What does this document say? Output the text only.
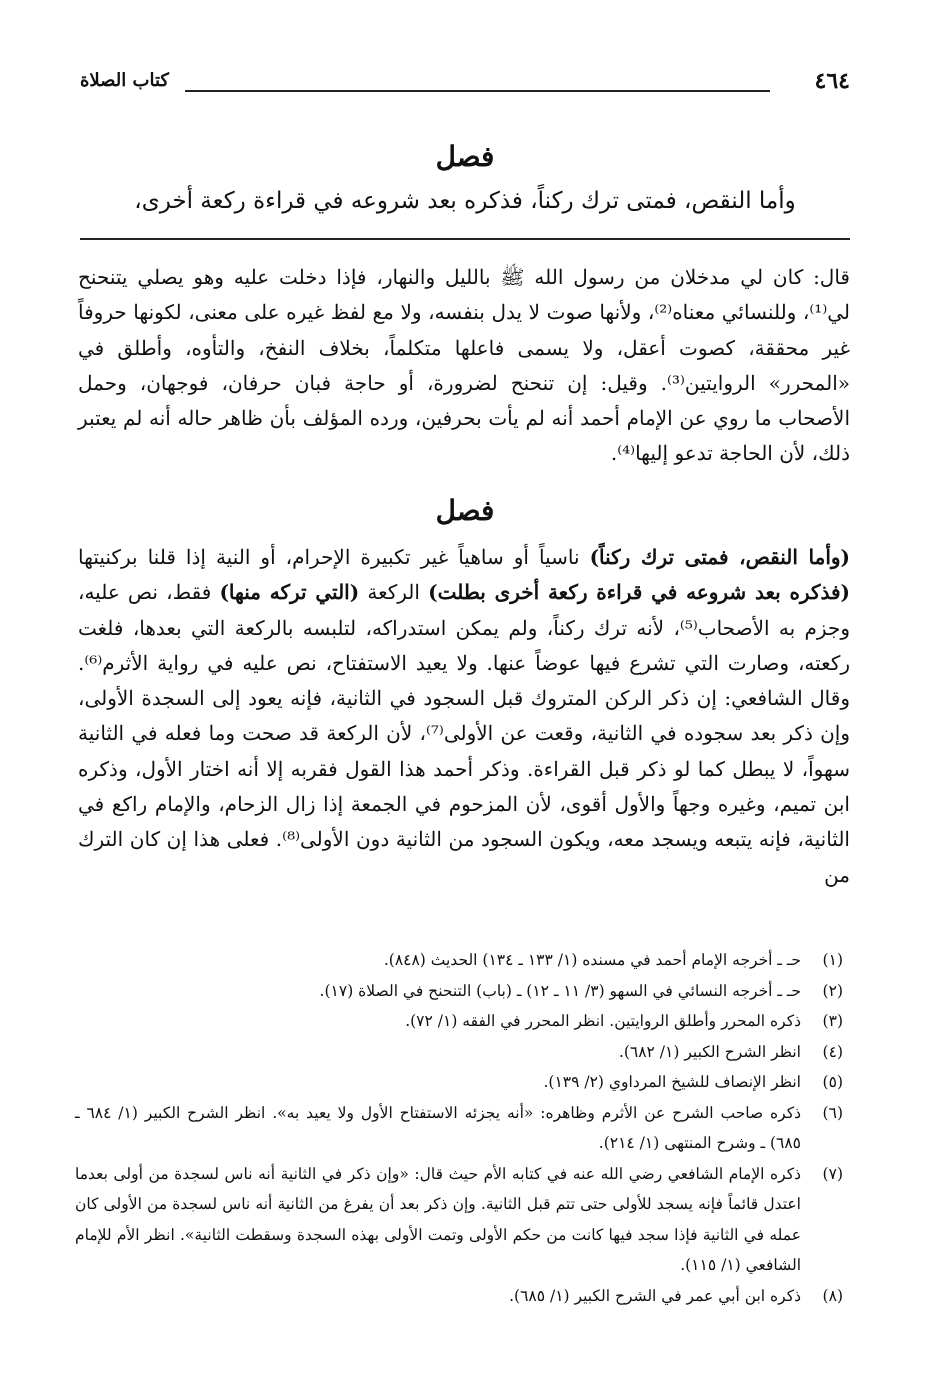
٤٦٤
كتاب الصلاة
فصل
وأما النقص، فمتى ترك ركناً، فذكره بعد شروعه في قراءة ركعة أخرى،
قال: كان لي مدخلان من رسول الله ﷺ بالليل والنهار، فإذا دخلت عليه وهو يصلي يتنحنح لي⁽¹⁾، وللنسائي معناه⁽²⁾، ولأنها صوت لا يدل بنفسه، ولا مع لفظ غيره على معنى، لكونها حروفاً غير محققة، كصوت أعقل، ولا يسمى فاعلها متكلماً، بخلاف النفخ، والتأوه، وأطلق في «المحرر» الروايتين⁽³⁾. وقيل: إن تنحنح لضرورة، أو حاجة فبان حرفان، فوجهان، وحمل الأصحاب ما روي عن الإمام أحمد أنه لم يأت بحرفين، ورده المؤلف بأن ظاهر حاله أنه لم يعتبر ذلك، لأن الحاجة تدعو إليها⁽⁴⁾.
فصل
(وأما النقص، فمتى ترك ركناً) ناسياً أو ساهياً غير تكبيرة الإحرام، أو النية إذا قلنا بركنيتها (فذكره بعد شروعه في قراءة ركعة أخرى بطلت) الركعة (التي تركه منها) فقط، نص عليه، وجزم به الأصحاب⁽⁵⁾، لأنه ترك ركناً، ولم يمكن استدراكه، لتلبسه بالركعة التي بعدها، فلغت ركعته، وصارت التي تشرع فيها عوضاً عنها. ولا يعيد الاستفتاح، نص عليه في رواية الأثرم⁽⁶⁾. وقال الشافعي: إن ذكر الركن المتروك قبل السجود في الثانية، فإنه يعود إلى السجدة الأولى، وإن ذكر بعد سجوده في الثانية، وقعت عن الأولى⁽⁷⁾، لأن الركعة قد صحت وما فعله في الثانية سهواً، لا يبطل كما لو ذكر قبل القراءة. وذكر أحمد هذا القول فقربه إلا أنه اختار الأول، وذكره ابن تميم، وغيره وجهاً والأول أقوى، لأن المزحوم في الجمعة إذا زال الزحام، والإمام راكع في الثانية، فإنه يتبعه ويسجد معه، ويكون السجود من الثانية دون الأولى⁽⁸⁾. فعلى هذا إن كان الترك من
(١)
حـ ـ أخرجه الإمام أحمد في مسنده (١/ ١٣٣ ـ ١٣٤) الحديث (٨٤٨).
(٢)
حـ ـ أخرجه النسائي في السهو (٣/ ١١ ـ ١٢) ـ (باب) التنحنح في الصلاة (١٧).
(٣)
ذكره المحرر وأطلق الروايتين. انظر المحرر في الفقه (١/ ٧٢).
(٤)
انظر الشرح الكبير (١/ ٦٨٢).
(٥)
انظر الإنصاف للشيخ المرداوي (٢/ ١٣٩).
(٦)
ذكره صاحب الشرح عن الأثرم وظاهره: «أنه يجزئه الاستفتاح الأول ولا يعيد به». انظر الشرح الكبير (١/ ٦٨٤ ـ ٦٨٥) ـ وشرح المنتهى (١/ ٢١٤).
(٧)
ذكره الإمام الشافعي رضي الله عنه في كتابه الأم حيث قال: «وإن ذكر في الثانية أنه ناس لسجدة من أولى بعدما اعتدل قائماً فإنه يسجد للأولى حتى تتم قبل الثانية. وإن ذكر بعد أن يفرغ من الثانية أنه ناس لسجدة من الأولى كان عمله في الثانية فإذا سجد فيها كانت من حكم الأولى وتمت الأولى بهذه السجدة وسقطت الثانية». انظر الأم للإمام الشافعي (١/ ١١٥).
(٨)
ذكره ابن أبي عمر في الشرح الكبير (١/ ٦٨٥).
